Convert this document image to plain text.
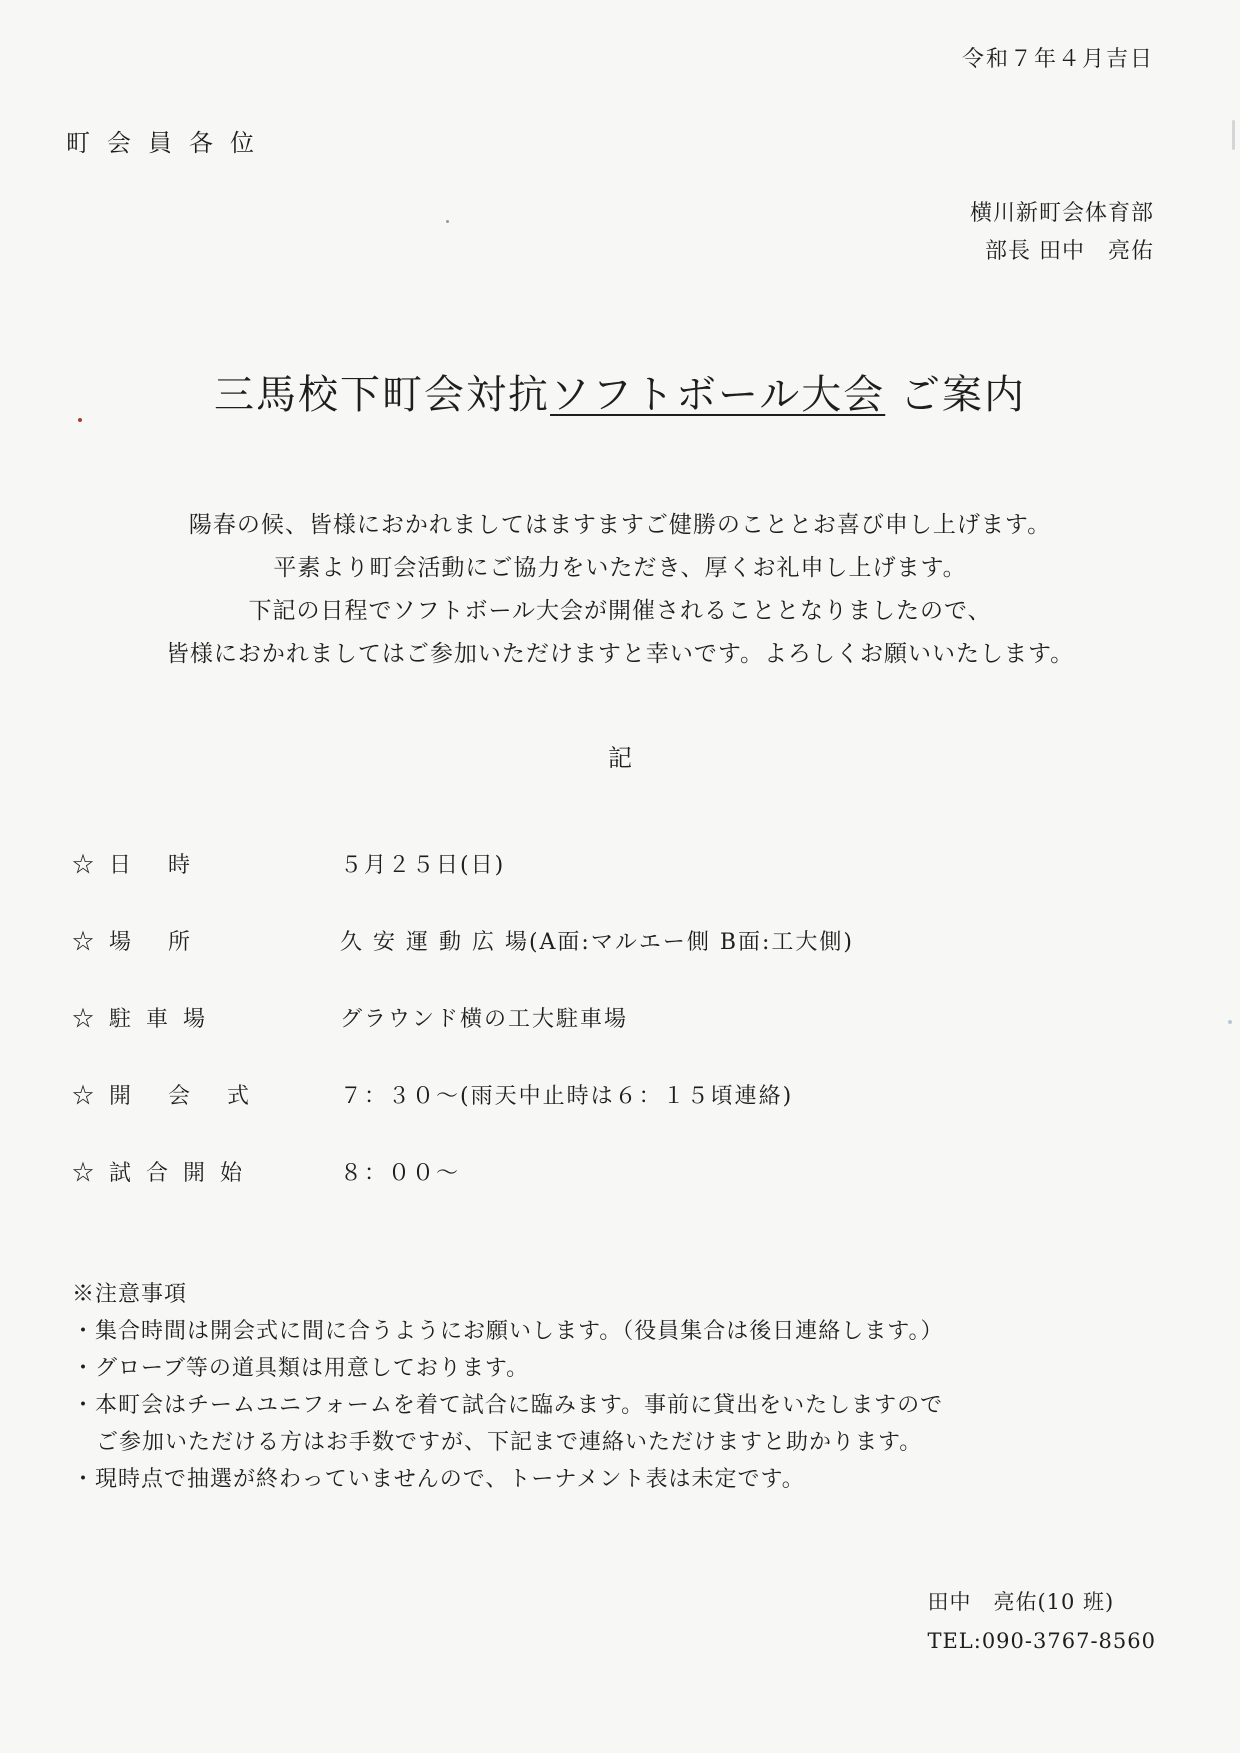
令和７年４月吉日
町会員各位
横川新町会体育部
部長 田中　亮佑
三馬校下町会対抗ソフトボール大会 ご案内
陽春の候、皆様におかれましてはますますご健勝のこととお喜び申し上げます。
平素より町会活動にご協力をいただき、厚くお礼申し上げます。
下記の日程でソフトボール大会が開催されることとなりましたので、
皆様におかれましてはご参加いただけますと幸いです。よろしくお願いいたします。
記
☆日 時	５月２５日(日)
☆場 所	久 安 運 動 広 場(A面:マルエー側 B面:工大側)
☆駐車場	グラウンド横の工大駐車場
☆開 会 式	７：３０～(雨天中止時は６：１５頃連絡)
☆試合開始	８：００～
※注意事項
・集合時間は開会式に間に合うようにお願いします。（役員集合は後日連絡します。）
・グローブ等の道具類は用意しております。
・本町会はチームユニフォームを着て試合に臨みます。事前に貸出をいたしますので
ご参加いただける方はお手数ですが、下記まで連絡いただけますと助かります。
・現時点で抽選が終わっていませんので、トーナメント表は未定です。
田中　亮佑(10 班)
TEL:090-3767-8560
